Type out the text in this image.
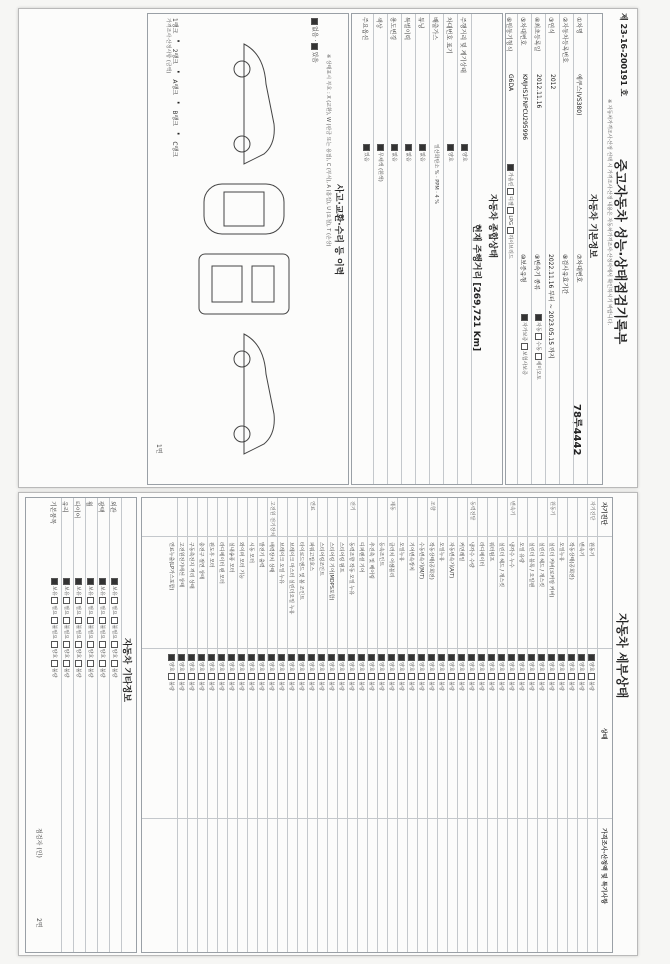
제 23-16-200191 호
중고자동차 성능·상태점검기록부
※ 자동차가격조사·산정 선택 시 가격조사·산정 내용은 자동차가격조사·산정사에서 확인하시기 바랍니다.
자동차 기본정보
①차명
에쿠스(VS380)
⑦차대번호
78루4442
②자동차등록번호
⑧검사유효기간
③연식
2012
2022.11.16 부터 ~ 2023.05.15 까지
④최초등록일
2012.11.16
⑨변속기 종류
자동 수동 세미오토
⑤차대번호
KMJHS1FNPCU295996
⑩보증유형
자가보증 보험사보증
⑥원동기형식
G6DA
가솔린 디젤 LPG 하이브리드
자동차 종합상태
현재 주행거리 [269,721 Km]
주행거리 및 계기상태
양호
차대번호 표기
양호
배출가스
일산화탄소 % · PPM · 4 %
튜닝
없음
특별이력
없음
용도변경
없음
색상
무채색 (흰색)
주요옵션
있음
사고·교환·수리 등 이력
※ 상태표시 부호 : X (교환), W (판금 또는 용접), C (부식), A (흠집), U (요철), T (손상)
없음 · 있음
1랭크 · 2랭크 · A랭크 · B랭크 · C랭크
가격조사·산정사항 (금액)
1면
자동차 세부상태
자기진단
상태
가격조사·산정액 및 특기사항
원동기
양호 불량
변속기
양호 불량
작동상태(공회전)
양호 불량
오일누유
양호 불량
실린더 커버(로커암 커버)
양호 불량
실린더 헤드 / 개스킷
양호 불량
실린더 블록 / 오일팬
양호 불량
오일 유량
양호 불량
냉각수 누수
양호 불량
실린더 헤드 / 개스킷
양호 불량
워터펌프
양호 불량
라디에이터
양호 불량
냉각수 수량
양호 불량
커먼레일
양호 불량
자동변속기(A/T)
양호 불량
오일누유
양호 불량
작동상태(공회전)
양호 불량
수동변속기(M/T)
양호 불량
기어변속장치
양호 불량
오일누유
양호 불량
클러치 어셈블리
양호 불량
등속조인트
양호 불량
추진축 및 베어링
양호 불량
디퍼렌셜 기어
양호 불량
동력조향 작동 오일 누유
양호 불량
스티어링 펌프
양호 불량
스티어링 기어(MDPS포함)
양호 불량
스티어링조인트
양호 불량
파워고압호스
양호 불량
타이로드엔드 및 볼 조인트
양호 불량
브레이크 마스터 실린더오일 누유
양호 불량
브레이크 오일 누유
양호 불량
배력장치 상태
양호 불량
발전기 출력
양호 불량
시동 모터
양호 불량
와이퍼 모터 기능
양호 불량
실내송풍 모터
양호 불량
라디에이터 팬 모터
양호 불량
윈도우 모터
양호 불량
충전구 절연 상태
양호 불량
구동축전지 격리 상태
양호 불량
고전원전기배선 상태
양호 불량
연료누출(LP가스포함)
양호 불량
자기진단
원동기
변속기
동력전달
조향
제동
전기
연료
고전원 전기장치
자동차 기타정보
외관
보유 필요 불필요 양호 불량
광택
보유 필요 불필요 양호 불량
휠
보유 필요 불필요 양호 불량
타이어
보유 필요 불필요 양호 불량
유리
보유 필요 불필요 양호 불량
기본품목
보유 필요 불필요 양호 불량
점검자 (인)
2면
